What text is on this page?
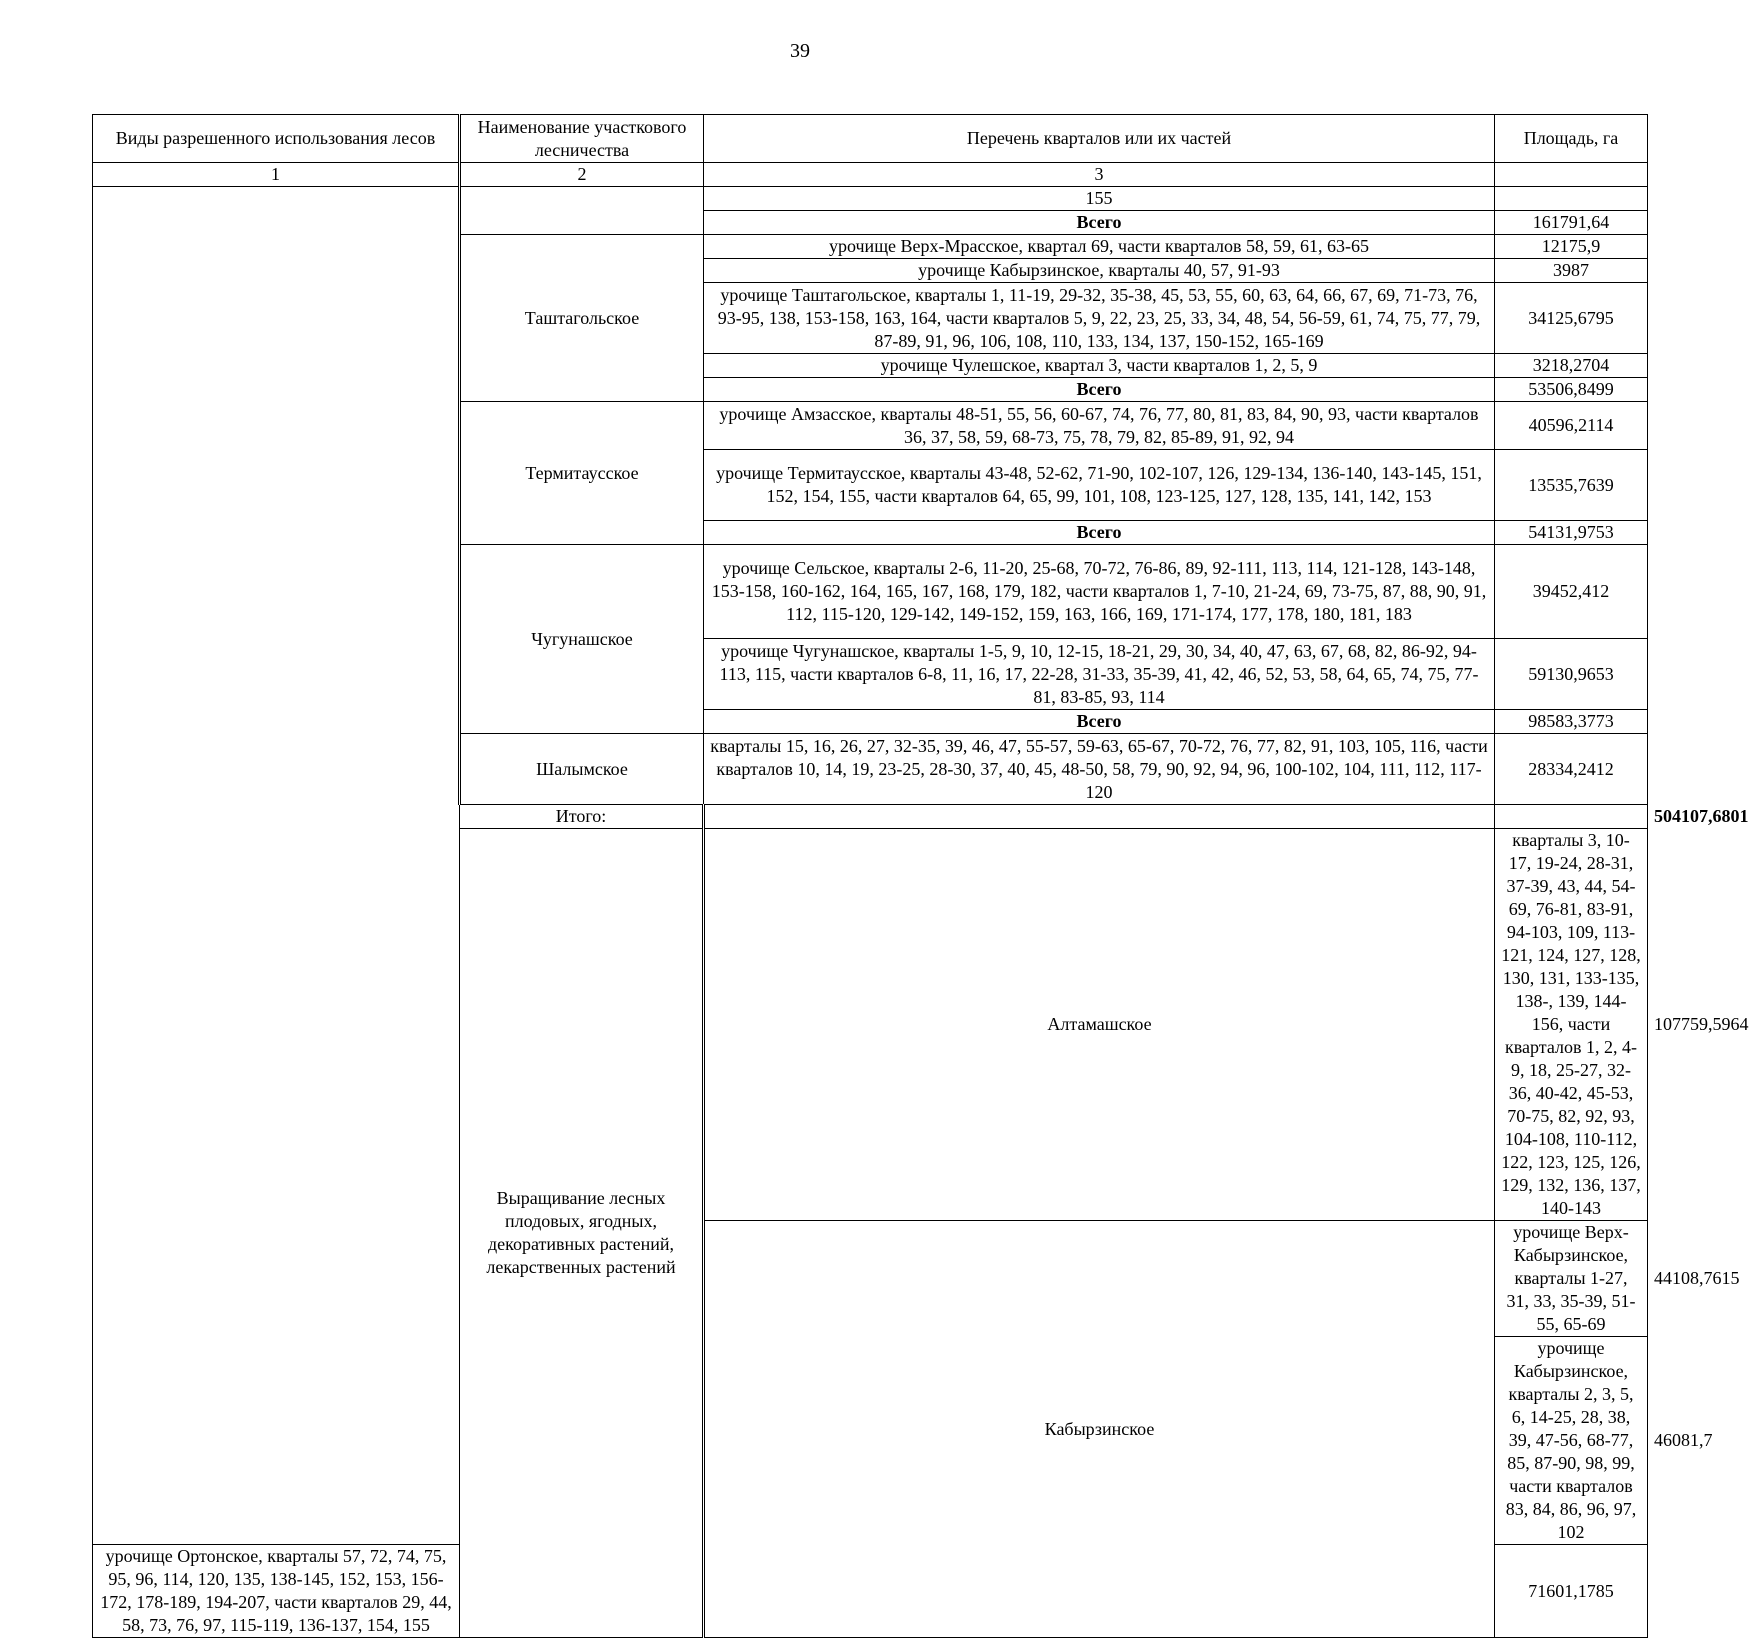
39
Виды разрешенного использования лесов	Наименование участкового лесничества	Перечень кварталов или их частей	Площадь, га	
1	2	3		
		155		
		Всего	161791,64	
	Таштагольское	урочище Верх-Мрасское, квартал 69, части кварталов 58, 59, 61, 63-65	12175,9	
		урочище Кабырзинское, кварталы 40, 57, 91-93	3987	
		урочище Таштагольское, кварталы 1, 11-19, 29-32, 35-38, 45, 53, 55, 60, 63, 64, 66, 67, 69, 71-73, 76, 93-95, 138, 153-158, 163, 164, части кварталов 5, 9, 22, 23, 25, 33, 34, 48, 54, 56-59, 61, 74, 75, 77, 79, 87-89, 91, 96, 106, 108, 110, 133, 134, 137, 150-152, 165-169	34125,6795	
		урочище Чулешское, квартал 3, части кварталов 1, 2, 5, 9	3218,2704	
		Всего	53506,8499	
	Термитаусское	урочище Амзасское, кварталы 48-51, 55, 56, 60-67, 74, 76, 77, 80, 81, 83, 84, 90, 93, части кварталов 36, 37, 58, 59, 68-73, 75, 78, 79, 82, 85-89, 91, 92, 94	40596,2114	
		урочище Термитаусское, кварталы 43-48, 52-62, 71-90, 102-107, 126, 129-134, 136-140, 143-145, 151, 152, 154, 155, части кварталов 64, 65, 99, 101, 108, 123-125, 127, 128, 135, 141, 142, 153	13535,7639	
		Всего	54131,9753	
	Чугунашское	урочище Сельское, кварталы 2-6, 11-20, 25-68, 70-72, 76-86, 89, 92-111, 113, 114, 121-128, 143-148, 153-158, 160-162, 164, 165, 167, 168, 179, 182, части кварталов 1, 7-10, 21-24, 69, 73-75, 87, 88, 90, 91, 112, 115-120, 129-142, 149-152, 159, 163, 166, 169, 171-174, 177, 178, 180, 181, 183	39452,412	
		урочище Чугунашское, кварталы 1-5, 9, 10, 12-15, 18-21, 29, 30, 34, 40, 47, 63, 67, 68, 82, 86-92, 94-113, 115, части кварталов 6-8, 11, 16, 17, 22-28, 31-33, 35-39, 41, 42, 46, 52, 53, 58, 64, 65, 74, 75, 77-81, 83-85, 93, 114	59130,9653	
		Всего	98583,3773	
	Шалымское	кварталы 15, 16, 26, 27, 32-35, 39, 46, 47, 55-57, 59-63, 65-67, 70-72, 76, 77, 82, 91, 103, 105, 116, части кварталов 10, 14, 19, 23-25, 28-30, 37, 40, 45, 48-50, 58, 79, 90, 92, 94, 96, 100-102, 104, 111, 112, 117-120	28334,2412	
	Итого:			504107,6801
	Выращивание лесных плодовых, ягодных, декоративных растений, лекарственных растений	Алтамашское	кварталы 3, 10-17, 19-24, 28-31, 37-39, 43, 44, 54-69, 76-81, 83-91, 94-103, 109, 113-121, 124, 127, 128, 130, 131, 133-135, 138-, 139, 144-156, части кварталов 1, 2, 4-9, 18, 25-27, 32-36, 40-42, 45-53, 70-75, 82, 92, 93, 104-108, 110-112, 122, 123, 125, 126, 129, 132, 136, 137, 140-143	107759,5964
		Кабырзинское	урочище Верх-Кабырзинское, кварталы 1-27, 31, 33, 35-39, 51-55, 65-69	44108,7615
			урочище Кабырзинское, кварталы 2, 3, 5, 6, 14-25, 28, 38, 39, 47-56, 68-77, 85, 87-90, 98, 99, части кварталов 83, 84, 86, 96, 97, 102	46081,7
урочище Ортонское, кварталы 57, 72, 74, 75, 95, 96, 114, 120, 135, 138-145, 152, 153, 156-172, 178-189, 194-207, части кварталов 29, 44, 58, 73, 76, 97, 115-119, 136-137, 154, 155			71601,1785	
